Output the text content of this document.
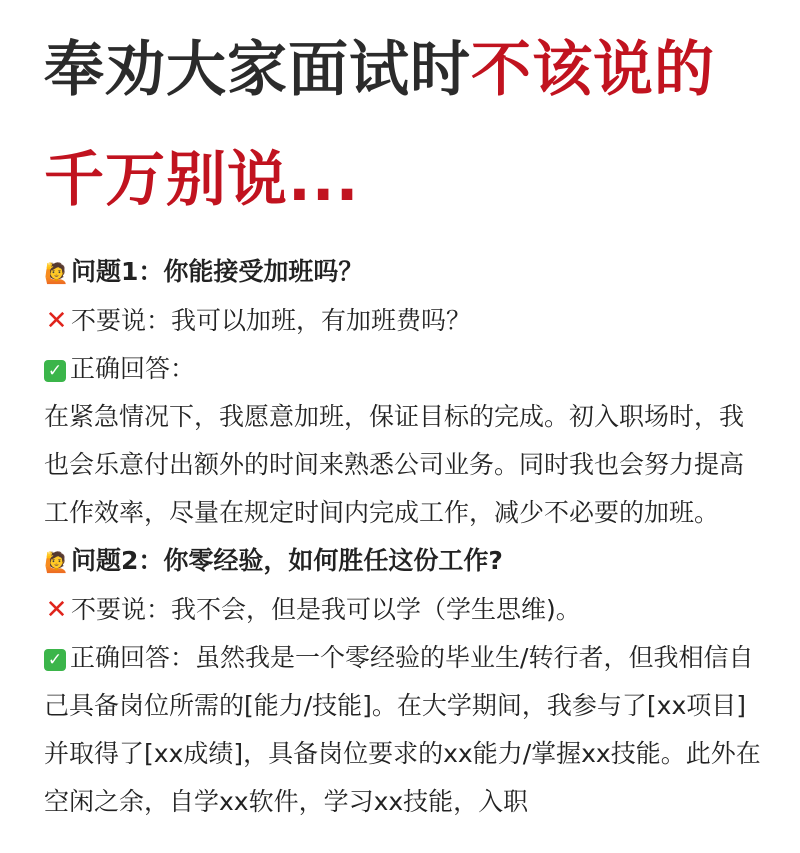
奉劝大家面试时不该说的
千万别说...

🙋问题1：你能接受加班吗？

✕ 不要说：我可以加班，有加班费吗？

✓ 正确回答：

在紧急情况下，我愿意加班，保证目标的完成。初入职场时，我也会乐意付出额外的时间来熟悉公司业务。同时我也会努力提高工作效率，尽量在规定时间内完成工作，减少不必要的加班。

🙋问题2：你零经验，如何胜任这份工作?

✕ 不要说：我不会，但是我可以学（学生思维)。

✓ 正确回答：虽然我是一个零经验的毕业生/转行者，但我相信自己具备岗位所需的[能力/技能]。在大学期间，我参与了[xx项目]并取得了[xx成绩]，具备岗位要求的xx能力/掌握xx技能。此外在空闲之余，自学xx软件，学习xx技能，入职
